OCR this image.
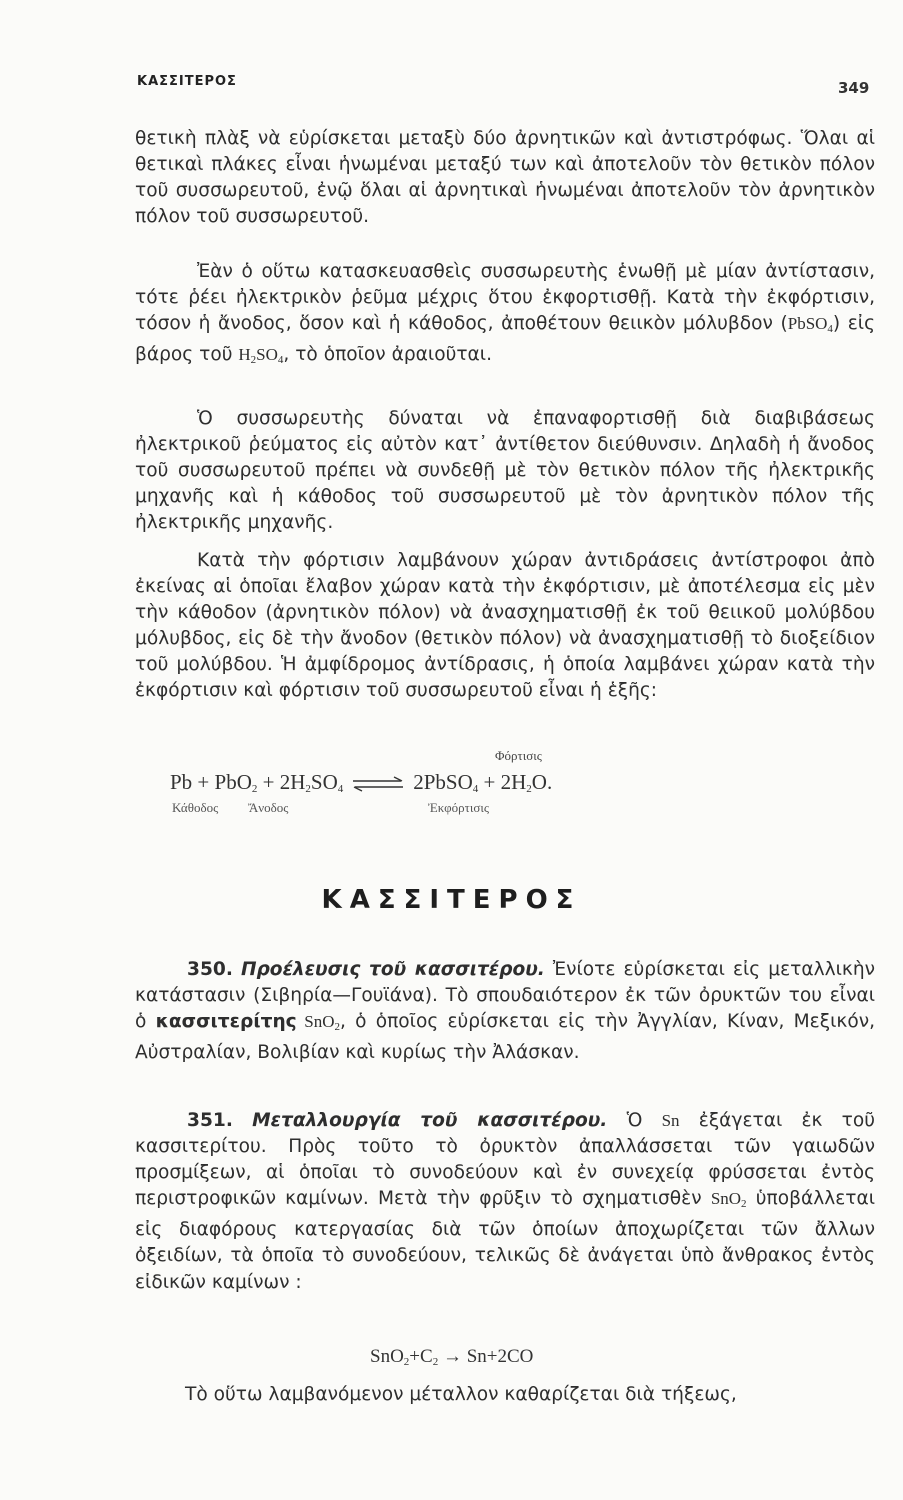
ΚΑΣΣΙΤΕΡΟΣ	349

θετικὴ πλὰξ νὰ εὑρίσκεται μεταξὺ δύο ἀρνητικῶν καὶ ἀντιστρόφως. Ὅλαι αἱ θετικαὶ πλάκες εἶναι ἡνωμέναι μεταξύ των καὶ ἀποτελοῦν τὸν θετικὸν πόλον τοῦ συσσωρευτοῦ, ἐνῷ ὅλαι αἱ ἀρνητικαὶ ἡνωμέναι ἀποτελοῦν τὸν ἀρνητικὸν πόλον τοῦ συσσωρευτοῦ.

Ἐὰν ὁ οὕτω κατασκευασθεὶς συσσωρευτὴς ἑνωθῇ μὲ μίαν ἀντίστασιν, τότε ῥέει ἠλεκτρικὸν ῥεῦμα μέχρις ὅτου ἐκφορτισθῇ. Κατὰ τὴν ἐκφόρτισιν, τόσον ἡ ἄνοδος, ὅσον καὶ ἡ κάθοδος, ἀποθέτουν θειικὸν μόλυβδον (PbSO$_4$) εἰς βάρος τοῦ $H_2SO_4$, τὸ ὁποῖον ἀραιοῦται.

Ὁ συσσωρευτὴς δύναται νὰ ἐπαναφορτισθῇ διὰ διαβιβάσεως ἠλεκτρικοῦ ῥεύματος εἰς αὐτὸν κατ᾿ ἀντίθετον διεύθυνσιν. Δηλαδὴ ἡ ἄνοδος τοῦ συσσωρευτοῦ πρέπει νὰ συνδεθῇ μὲ τὸν θετικὸν πόλον τῆς ἠλεκτρικῆς μηχανῆς καὶ ἡ κάθοδος τοῦ συσσωρευτοῦ μὲ τὸν ἀρνητικὸν πόλον τῆς ἠλεκτρικῆς μηχανῆς.

Κατὰ τὴν φόρτισιν λαμβάνουν χώραν ἀντιδράσεις ἀντίστροφοι ἀπὸ ἐκείνας αἱ ὁποῖαι ἔλαβον χώραν κατὰ τὴν ἐκφόρτισιν, μὲ ἀποτέλεσμα εἰς μὲν τὴν κάθοδον (ἀρνητικὸν πόλον) νὰ ἀνασχηματισθῇ ἐκ τοῦ θειικοῦ μολύβδου μόλυβδος, εἰς δὲ τὴν ἄνοδον (θετικὸν πόλον) νὰ ἀνασχηματισθῇ τὸ διοξείδιον τοῦ μολύβδου. Ἡ ἀμφίδρομος ἀντίδρασις, ἡ ὁποία λαμβάνει χώραν κατὰ τὴν ἐκφόρτισιν καὶ φόρτισιν τοῦ συσσωρευτοῦ εἶναι ἡ ἑξῆς:

Φόρτισις
$Pb + PbO_2 + 2H_2SO_4$ ⇌ 2PbSO$_4$ + $2H_2O$.
Κάθοδος Ἄνοδος	Ἐκφόρτισις
ΚΑΣΣΙΤΕΡΟΣ

350. Προέλευσις τοῦ κασσιτέρου. Ἐνίοτε εὑρίσκεται εἰς μεταλλικὴν κατάστασιν (Σιβηρία—Γουϊάνα). Τὸ σπουδαιότερον ἐκ τῶν ὀρυκτῶν του εἶναι ὁ κασσιτερίτης SnO$_2$, ὁ ὁποῖος εὑρίσκεται εἰς τὴν Ἀγγλίαν, Κίναν, Μεξικόν, Αὐστραλίαν, Βολιβίαν καὶ κυρίως τὴν Ἀλάσκαν.

351. Μεταλλουργία τοῦ κασσιτέρου. Ὁ Sn ἐξάγεται ἐκ τοῦ κασσιτερίτου. Πρὸς τοῦτο τὸ ὀρυκτὸν ἀπαλλάσσεται τῶν γαιωδῶν προσμίξεων, αἱ ὁποῖαι τὸ συνοδεύουν καὶ ἐν συνεχείᾳ φρύσσεται ἐντὸς περιστροφικῶν καμίνων. Μετὰ τὴν φρῦξιν τὸ σχηματισθὲν SnO$_2$ ὑποβάλλεται εἰς διαφόρους κατεργασίας διὰ τῶν ὁποίων ἀποχωρίζεται τῶν ἄλλων ὀξειδίων, τὰ ὁποῖα τὸ συνοδεύουν, τελικῶς δὲ ἀνάγεται ὑπὸ ἄνθρακος ἐντὸς εἰδικῶν καμίνων :

$SnO_2+C_2 \to Sn+2CO$
Τὸ οὕτω λαμβανόμενον μέταλλον καθαρίζεται διὰ τήξεως,
